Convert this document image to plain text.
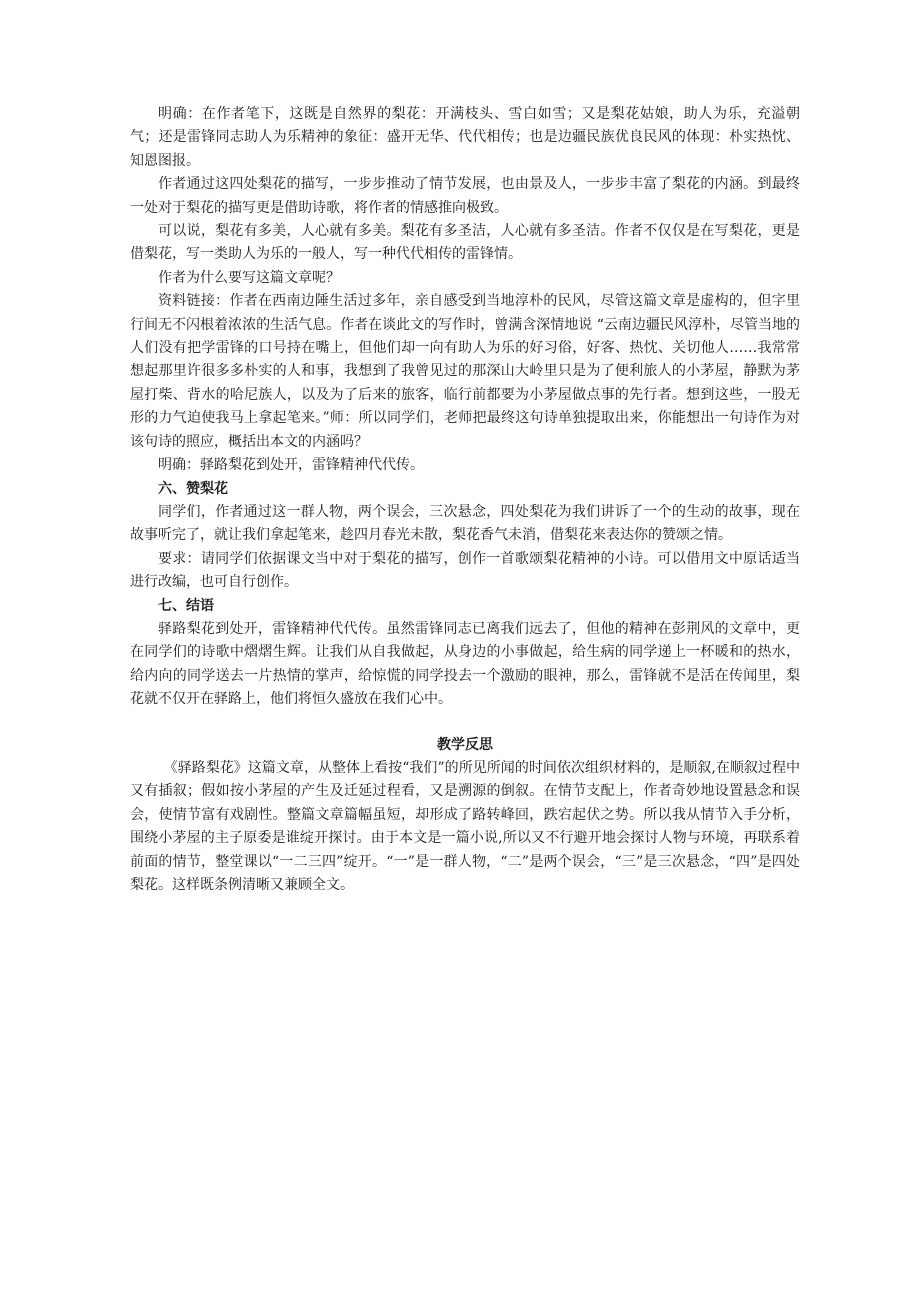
明确：在作者笔下，这既是自然界的梨花：开满枝头、雪白如雪；又是梨花姑娘，助人为乐，充溢朝气；还是雷锋同志助人为乐精神的象征：盛开无华、代代相传；也是边疆民族优良民风的体现：朴实热忱、知恩图报。

作者通过这四处梨花的描写，一步步推动了情节发展，也由景及人，一步步丰富了梨花的内涵。到最终一处对于梨花的描写更是借助诗歌，将作者的情感推向极致。

可以说，梨花有多美，人心就有多美。梨花有多圣洁，人心就有多圣洁。作者不仅仅是在写梨花，更是借梨花，写一类助人为乐的一般人，写一种代代相传的雷锋情。

作者为什么要写这篇文章呢？

资料链接：作者在西南边陲生活过多年，亲自感受到当地淳朴的民风，尽管这篇文章是虚构的，但字里行间无不闪根着浓浓的生活气息。作者在谈此文的写作时，曾满含深情地说 “云南边疆民风淳朴，尽管当地的人们没有把学雷锋的口号持在嘴上，但他们却一向有助人为乐的好习俗，好客、热忱、关切他人……我常常想起那里许很多多朴实的人和事，我想到了我曾见过的那深山大岭里只是为了便利旅人的小茅屋，静默为茅屋打柴、背水的哈尼族人，以及为了后来的旅客，临行前都要为小茅屋做点事的先行者。想到这些，一股无形的力气迫使我马上拿起笔来。”师：所以同学们，老师把最终这句诗单独提取出来，你能想出一句诗作为对该句诗的照应，概括出本文的内涵吗？

明确：驿路梨花到处开，雷锋精神代代传。

六、赞梨花

同学们，作者通过这一群人物，两个误会，三次悬念，四处梨花为我们讲诉了一个的生动的故事，现在故事听完了，就让我们拿起笔来，趁四月春光未散，梨花香气未消，借梨花来表达你的赞颂之情。

要求：请同学们依据课文当中对于梨花的描写，创作一首歌颂梨花精神的小诗。可以借用文中原话适当进行改编，也可自行创作。

七、结语

驿路梨花到处开，雷锋精神代代传。虽然雷锋同志已离我们远去了，但他的精神在彭荆风的文章中，更在同学们的诗歌中熠熠生辉。让我们从自我做起，从身边的小事做起，给生病的同学递上一杯暖和的热水，给内向的同学送去一片热情的掌声，给惊慌的同学投去一个激励的眼神，那么，雷锋就不是活在传闻里，梨花就不仅开在驿路上，他们将恒久盛放在我们心中。

教学反思

《驿路梨花》这篇文章，从整体上看按“我们”的所见所闻的时间依次组织材料的，是顺叙,在顺叙过程中又有插叙；假如按小茅屋的产生及迁延过程看，又是溯源的倒叙。在情节支配上，作者奇妙地设置悬念和误会，使情节富有戏剧性。整篇文章篇幅虽短，却形成了路转峰回，跌宕起伏之势。所以我从情节入手分析，围绕小茅屋的主子原委是谁绽开探讨。由于本文是一篇小说,所以又不行避开地会探讨人物与环境，再联系着前面的情节，整堂课以“一二三四”绽开。“一”是一群人物，“二”是两个误会，“三”是三次悬念，“四”是四处梨花。这样既条例清晰又兼顾全文。
